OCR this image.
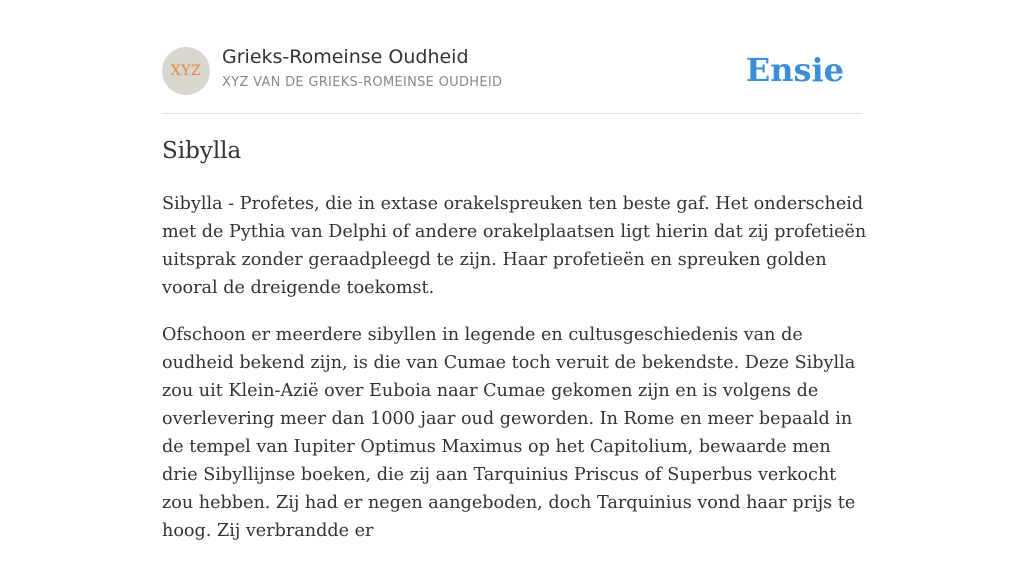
XYZ
Grieks-Romeinse Oudheid
XYZ VAN DE GRIEKS-ROMEINSE OUDHEID	Ensie
Sibylla

Sibylla - Profetes, die in extase orakelspreuken ten beste gaf. Het onderscheid met de Pythia van Delphi of andere orakelplaatsen ligt hierin dat zij profetieën uitsprak zonder geraadpleegd te zijn. Haar profetieën en spreuken golden vooral de dreigende toekomst.

Ofschoon er meerdere sibyllen in legende en cultusgeschiedenis van de oudheid bekend zijn, is die van Cumae toch veruit de bekendste. Deze Sibylla zou uit Klein-Azië over Euboia naar Cumae gekomen zijn en is volgens de overlevering meer dan 1000 jaar oud geworden. In Rome en meer bepaald in de tempel van Iupiter Optimus Maximus op het Capitolium, bewaarde men drie Sibyllijnse boeken, die zij aan Tarquinius Priscus of Superbus verkocht zou hebben. Zij had er negen aangeboden, doch Tarquinius vond haar prijs te hoog. Zij verbrandde er
